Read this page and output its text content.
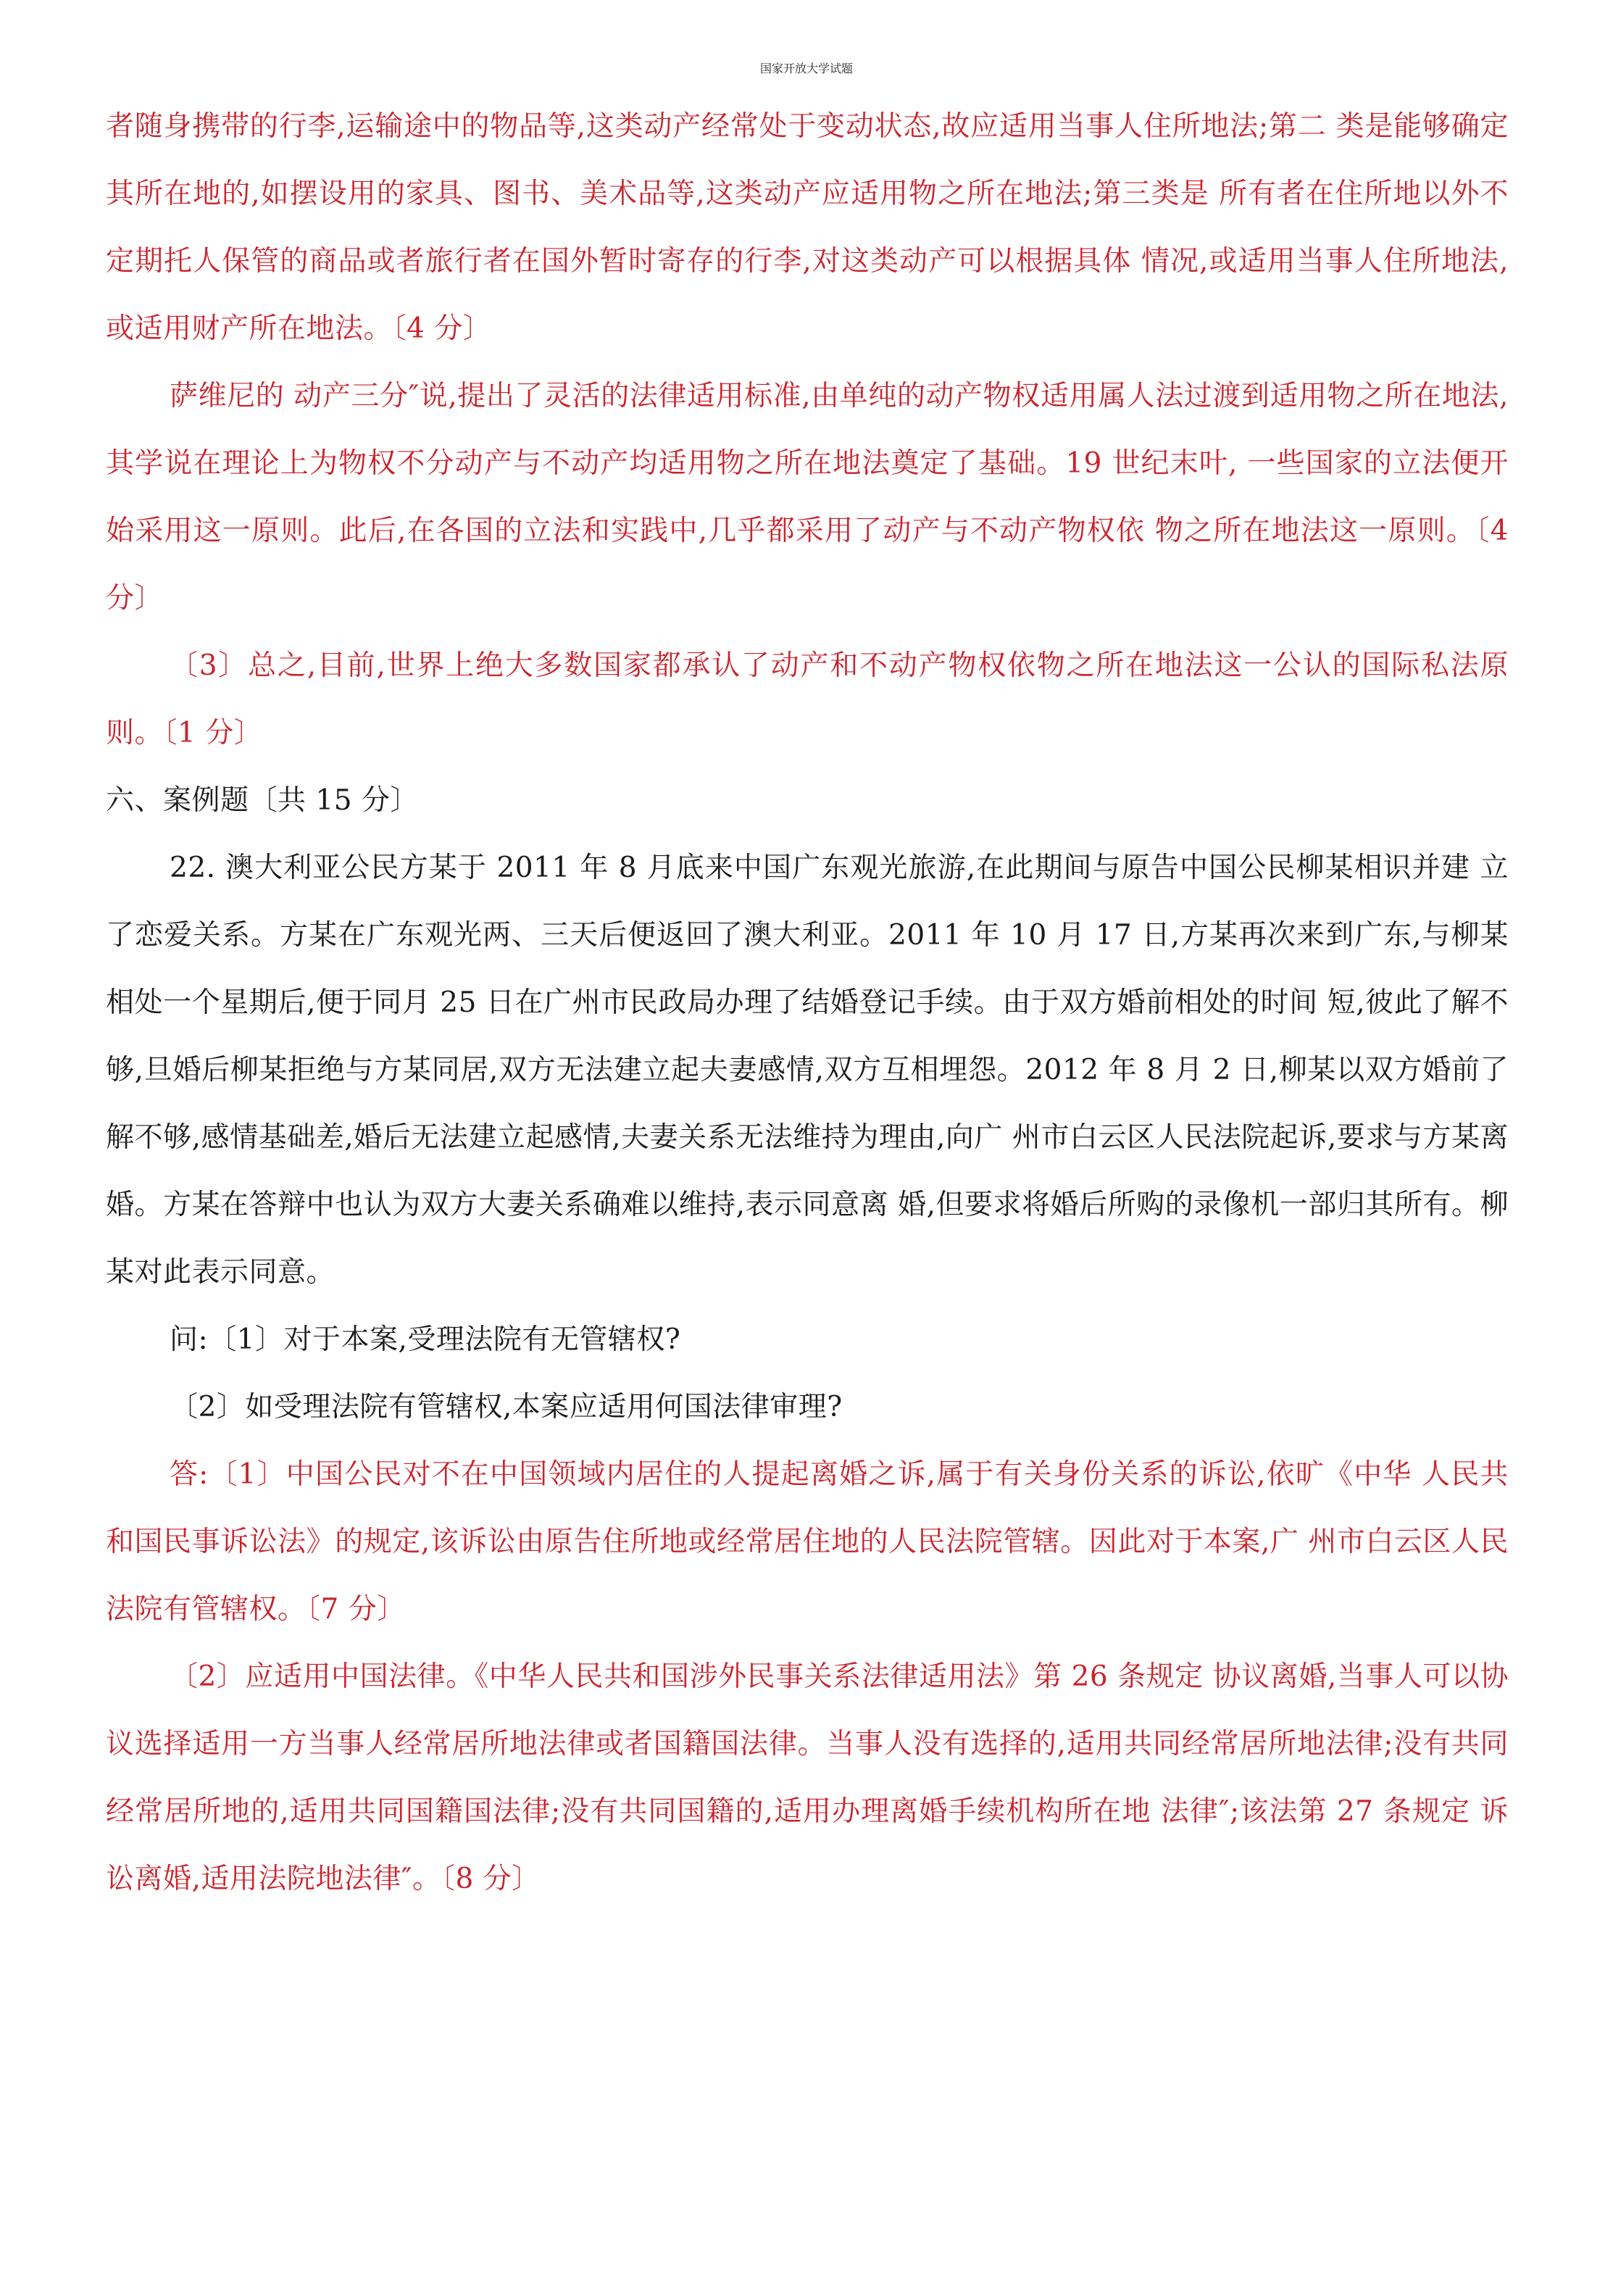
国家开放大学试题

者随身携带的行李,运输途中的物品等,这类动产经常处于变动状态,故应适用当事人住所地法;第二 类是能够确定其所在地的,如摆设用的家具、图书、美术品等,这类动产应适用物之所在地法;第三类是 所有者在住所地以外不定期托人保管的商品或者旅行者在国外暂时寄存的行李,对这类动产可以根据具体 情况,或适用当事人住所地法,或适用财产所在地法。〔4 分〕

萨维尼的 动产三分″说,提出了灵活的法律适用标准,由单纯的动产物权适用属人法过渡到适用物之所在地法,其学说在理论上为物权不分动产与不动产均适用物之所在地法奠定了基础。19 世纪末叶, 一些国家的立法便开始采用这一原则。此后,在各国的立法和实践中,几乎都采用了动产与不动产物权依 物之所在地法这一原则。〔4 分〕

〔3〕总之,目前,世界上绝大多数国家都承认了动产和不动产物权依物之所在地法这一公认的国际私法原则。〔1 分〕

六、案例题〔共 15 分〕

22. 澳大利亚公民方某于 2011 年 8 月底来中国广东观光旅游,在此期间与原告中国公民柳某相识并建 立了恋爱关系。方某在广东观光两、三天后便返回了澳大利亚。2011 年 10 月 17 日,方某再次来到广东,与柳某相处一个星期后,便于同月 25 日在广州市民政局办理了结婚登记手续。由于双方婚前相处的时间 短,彼此了解不够,旦婚后柳某拒绝与方某同居,双方无法建立起夫妻感情,双方互相埋怨。2012 年 8 月 2 日,柳某以双方婚前了解不够,感情基础差,婚后无法建立起感情,夫妻关系无法维持为理由,向广 州市白云区人民法院起诉,要求与方某离婚。方某在答辩中也认为双方大妻关系确难以维持,表示同意离 婚,但要求将婚后所购的录像机一部归其所有。柳某对此表示同意。

问:〔1〕对于本案,受理法院有无管辖权?

〔2〕如受理法院有管辖权,本案应适用何国法律审理?

答:〔1〕中国公民对不在中国领域内居住的人提起离婚之诉,属于有关身份关系的诉讼,依旷《中华 人民共和国民事诉讼法》的规定,该诉讼由原告住所地或经常居住地的人民法院管辖。因此对于本案,广 州市白云区人民法院有管辖权。〔7 分〕

〔2〕应适用中国法律。《中华人民共和国涉外民事关系法律适用法》第 26 条规定 协议离婚,当事人可以协议选择适用一方当事人经常居所地法律或者国籍国法律。当事人没有选择的,适用共同经常居所地法律;没有共同经常居所地的,适用共同国籍国法律;没有共同国籍的,适用办理离婚手续机构所在地 法律″;该法第 27 条规定 诉讼离婚,适用法院地法律″。〔8 分〕
